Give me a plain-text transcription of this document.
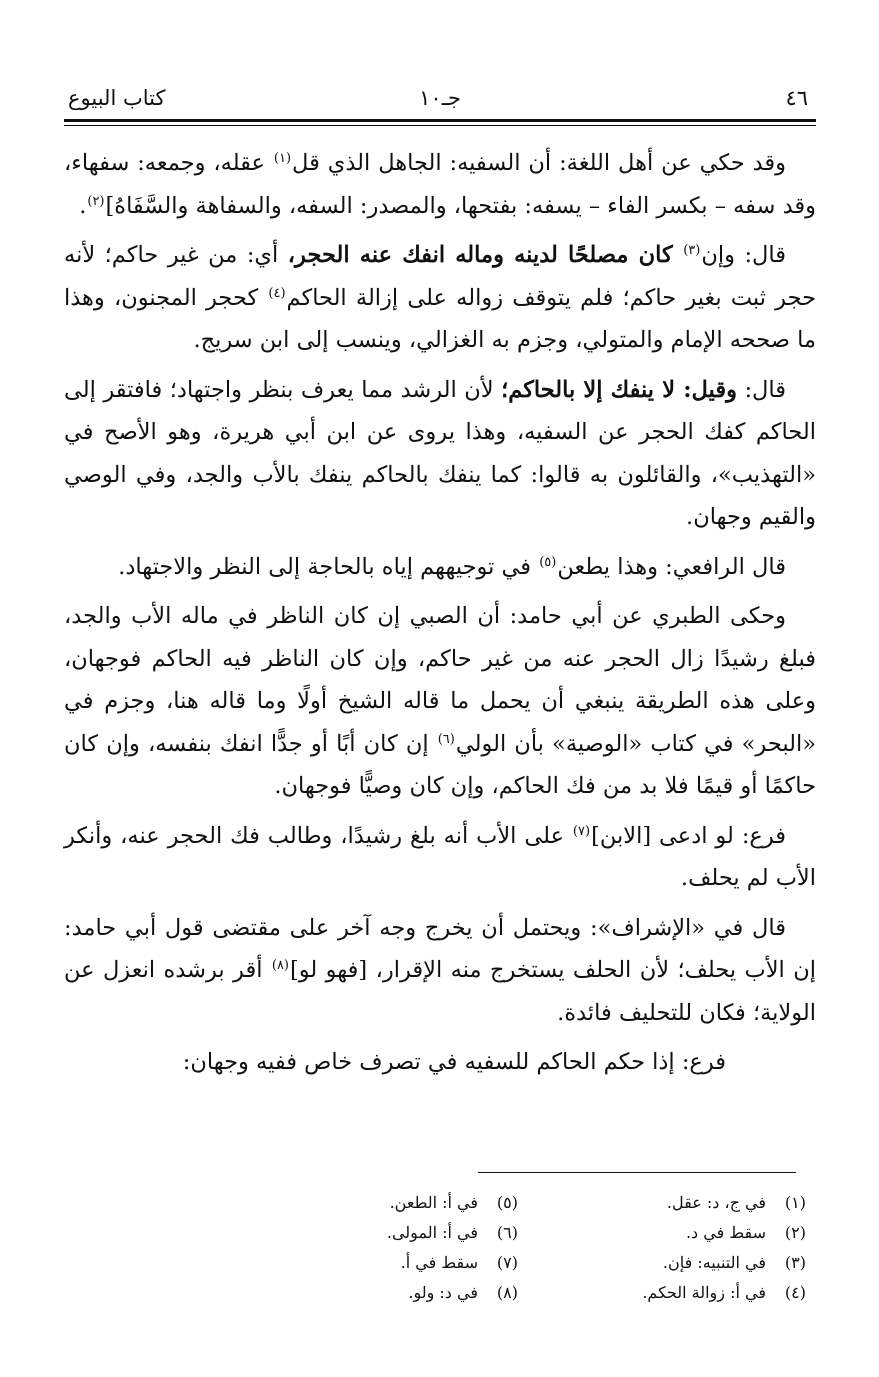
٤٦
جـ١٠
كتاب البيوع

وقد حكي عن أهل اللغة: أن السفيه: الجاهل الذي قل$^{(١)}$ عقله، وجمعه: سفهاء، وقد سفه – بكسر الفاء – يسفه: بفتحها، والمصدر: السفه، والسفاهة والسَّفَاهُ]$^{(٢)}$.

قال: وإن$^{(٣)}$ كان مصلحًا لدينه وماله انفك عنه الحجر، أي: من غير حاكم؛ لأنه حجر ثبت بغير حاكم؛ فلم يتوقف زواله على إزالة الحاكم$^{(٤)}$ كحجر المجنون، وهذا ما صححه الإمام والمتولي، وجزم به الغزالي، وينسب إلى ابن سريج.

قال: وقيل: لا ينفك إلا بالحاكم؛ لأن الرشد مما يعرف بنظر واجتهاد؛ فافتقر إلى الحاكم كفك الحجر عن السفيه، وهذا يروى عن ابن أبي هريرة، وهو الأصح في «التهذيب»، والقائلون به قالوا: كما ينفك بالحاكم ينفك بالأب والجد، وفي الوصي والقيم وجهان.

قال الرافعي: وهذا يطعن$^{(٥)}$ في توجيههم إياه بالحاجة إلى النظر والاجتهاد.

وحكى الطبري عن أبي حامد: أن الصبي إن كان الناظر في ماله الأب والجد، فبلغ رشيدًا زال الحجر عنه من غير حاكم، وإن كان الناظر فيه الحاكم فوجهان، وعلى هذه الطريقة ينبغي أن يحمل ما قاله الشيخ أولًا وما قاله هنا، وجزم في «البحر» في كتاب «الوصية» بأن الولي$^{(٦)}$ إن كان أبًا أو جدًّا انفك بنفسه، وإن كان حاكمًا أو قيمًا فلا بد من فك الحاكم، وإن كان وصيًّا فوجهان.

فرع: لو ادعى [الابن]$^{(٧)}$ على الأب أنه بلغ رشيدًا، وطالب فك الحجر عنه، وأنكر الأب لم يحلف.

قال في «الإشراف»: ويحتمل أن يخرج وجه آخر على مقتضى قول أبي حامد: إن الأب يحلف؛ لأن الحلف يستخرج منه الإقرار، [فهو لو]$^{(٨)}$ أقر برشده انعزل عن الولاية؛ فكان للتحليف فائدة.

فرع: إذا حكم الحاكم للسفيه في تصرف خاص ففيه وجهان:

(١)في ج، د: عقل.
(٢)سقط في د.
(٣)في التنبيه: فإن.
(٤)في أ: زوالة الحكم.
(٥)في أ: الطعن.
(٦)في أ: المولى.
(٧)سقط في أ.
(٨)في د: ولو.
